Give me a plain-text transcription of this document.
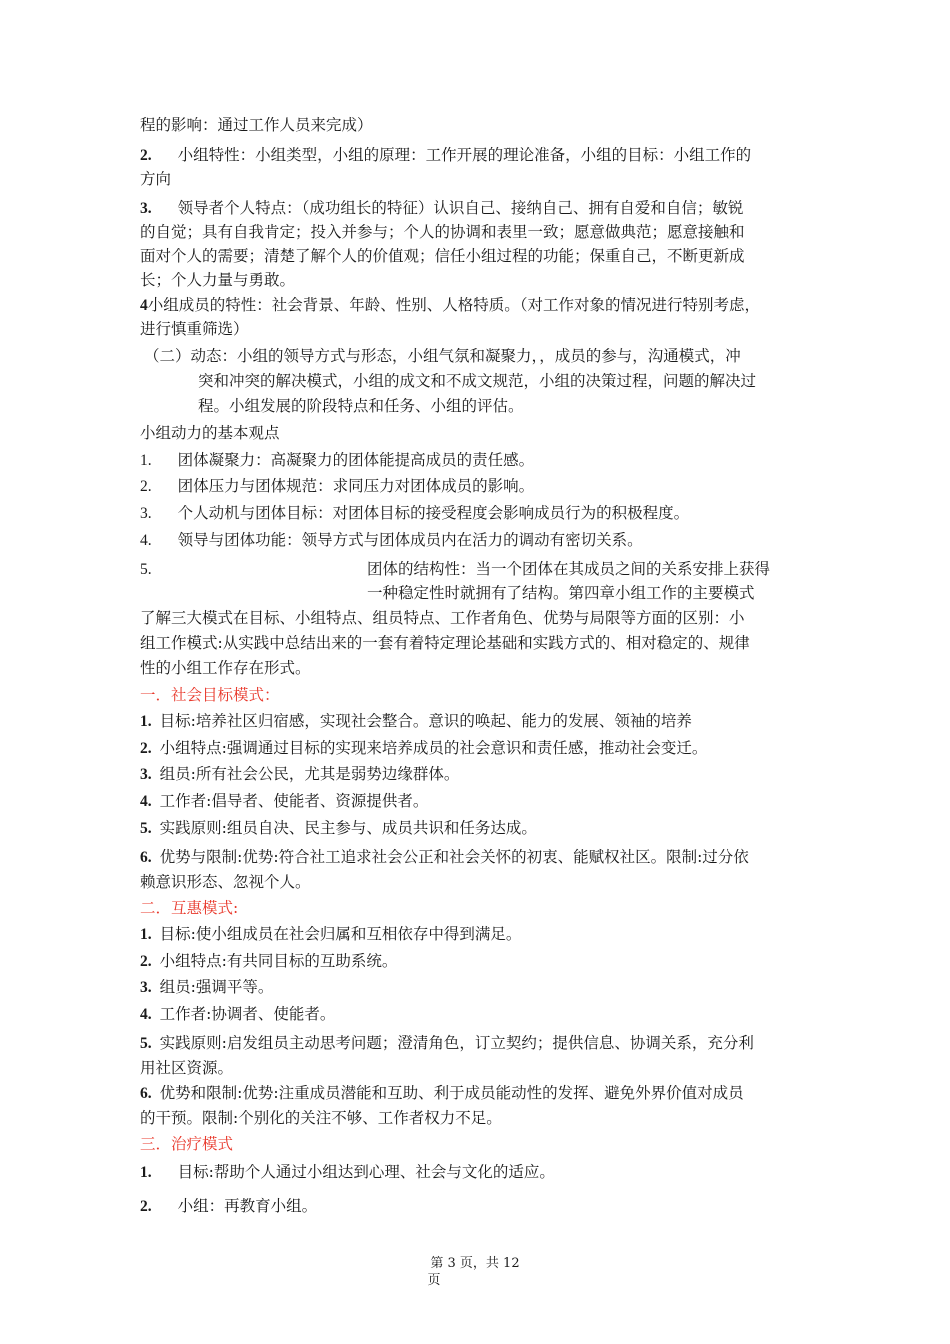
程的影响：通过工作人员来完成）
2. 小组特性：小组类型，小组的原理：工作开展的理论准备，小组的目标：小组工作的
方向
3. 领导者个人特点：（成功组长的特征）认识自己、接纳自己、拥有自爱和自信；敏锐
的自觉；具有自我肯定；投入并参与；个人的协调和表里一致；愿意做典范；愿意接触和
面对个人的需要；清楚了解个人的价值观；信任小组过程的功能；保重自己，不断更新成
长；个人力量与勇敢。
4小组成员的特性：社会背景、年龄、性别、人格特质。（对工作对象的情况进行特别考虑，
进行慎重筛选）
（二）动态：小组的领导方式与形态，小组气氛和凝聚力，，成员的参与，沟通模式，冲
突和冲突的解决模式，小组的成文和不成文规范，小组的决策过程，问题的解决过
程。小组发展的阶段特点和任务、小组的评估。
小组动力的基本观点
1. 团体凝聚力：高凝聚力的团体能提高成员的责任感。
2. 团体压力与团体规范：求同压力对团体成员的影响。
3. 个人动机与团体目标：对团体目标的接受程度会影响成员行为的积极程度。
4. 领导与团体功能：领导方式与团体成员内在活力的调动有密切关系。
5.	团体的结构性：当一个团体在其成员之间的关系安排上获得
一种稳定性时就拥有了结构。第四章小组工作的主要模式
了解三大模式在目标、小组特点、组员特点、工作者角色、优势与局限等方面的区别：小
组工作模式:从实践中总结出来的一套有着特定理论基础和实践方式的、相对稳定的、规律
性的小组工作存在形式。
一．社会目标模式：
1. 目标:培养社区归宿感，实现社会整合。意识的唤起、能力的发展、领袖的培养
2. 小组特点:强调通过目标的实现来培养成员的社会意识和责任感，推动社会变迁。
3. 组员:所有社会公民，尤其是弱势边缘群体。
4. 工作者:倡导者、使能者、资源提供者。
5. 实践原则:组员自决、民主参与、成员共识和任务达成。
6. 优势与限制:优势:符合社工追求社会公正和社会关怀的初衷、能赋权社区。限制:过分依
赖意识形态、忽视个人。
二．互惠模式:
1. 目标:使小组成员在社会归属和互相依存中得到满足。
2. 小组特点:有共同目标的互助系统。
3. 组员:强调平等。
4. 工作者:协调者、使能者。
5. 实践原则:启发组员主动思考问题；澄清角色，订立契约；提供信息、协调关系，充分利
用社区资源。
6. 优势和限制:优势:注重成员潜能和互助、利于成员能动性的发挥、避免外界价值对成员
的干预。限制:个别化的关注不够、工作者权力不足。
三．治疗模式
1. 目标:帮助个人通过小组达到心理、社会与文化的适应。
2. 小组：再教育小组。
第 3 页，共 12
页
